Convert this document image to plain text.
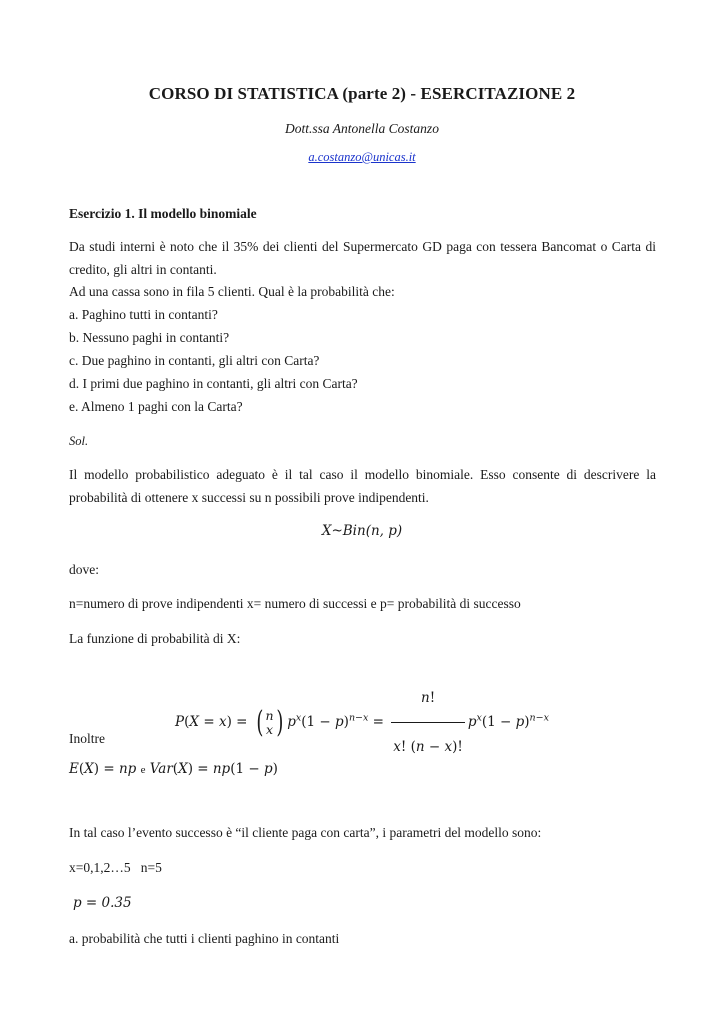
CORSO DI STATISTICA (parte 2) - ESERCITAZIONE 2
Dott.ssa Antonella Costanzo
a.costanzo@unicas.it
Esercizio 1. Il modello binomiale
Da studi interni è noto che il 35% dei clienti del Supermercato GD paga con tessera Bancomat o Carta di credito, gli altri in contanti.
Ad una cassa sono in fila 5 clienti. Qual è la probabilità che:
a. Paghino tutti in contanti?
b. Nessuno paghi in contanti?
c. Due paghino in contanti, gli altri con Carta?
d. I primi due paghino in contanti, gli altri con Carta?
e. Almeno 1 paghi con la Carta?
Sol.
Il modello probabilistico adeguato è il tal caso il modello binomiale. Esso consente di descrivere la probabilità di ottenere x successi su n possibili prove indipendenti.
X~Bin(n, p)
dove:
n=numero di prove indipendenti x= numero di successi e p= probabilità di successo
La funzione di probabilità di X:
P(X = x) = ( n
x) $p^x(1 - p)^{n-x} = \frac{n!}{x! (n - x)!} p^x(1 - p)^{n-x}$
Inoltre
E(X) = np e Var(X) = np(1 − p)
In tal caso l’evento successo è “il cliente paga con carta”, i parametri del modello sono:
x=0,1,2…5 n=5
p = 0.35
a. probabilità che tutti i clienti paghino in contanti
